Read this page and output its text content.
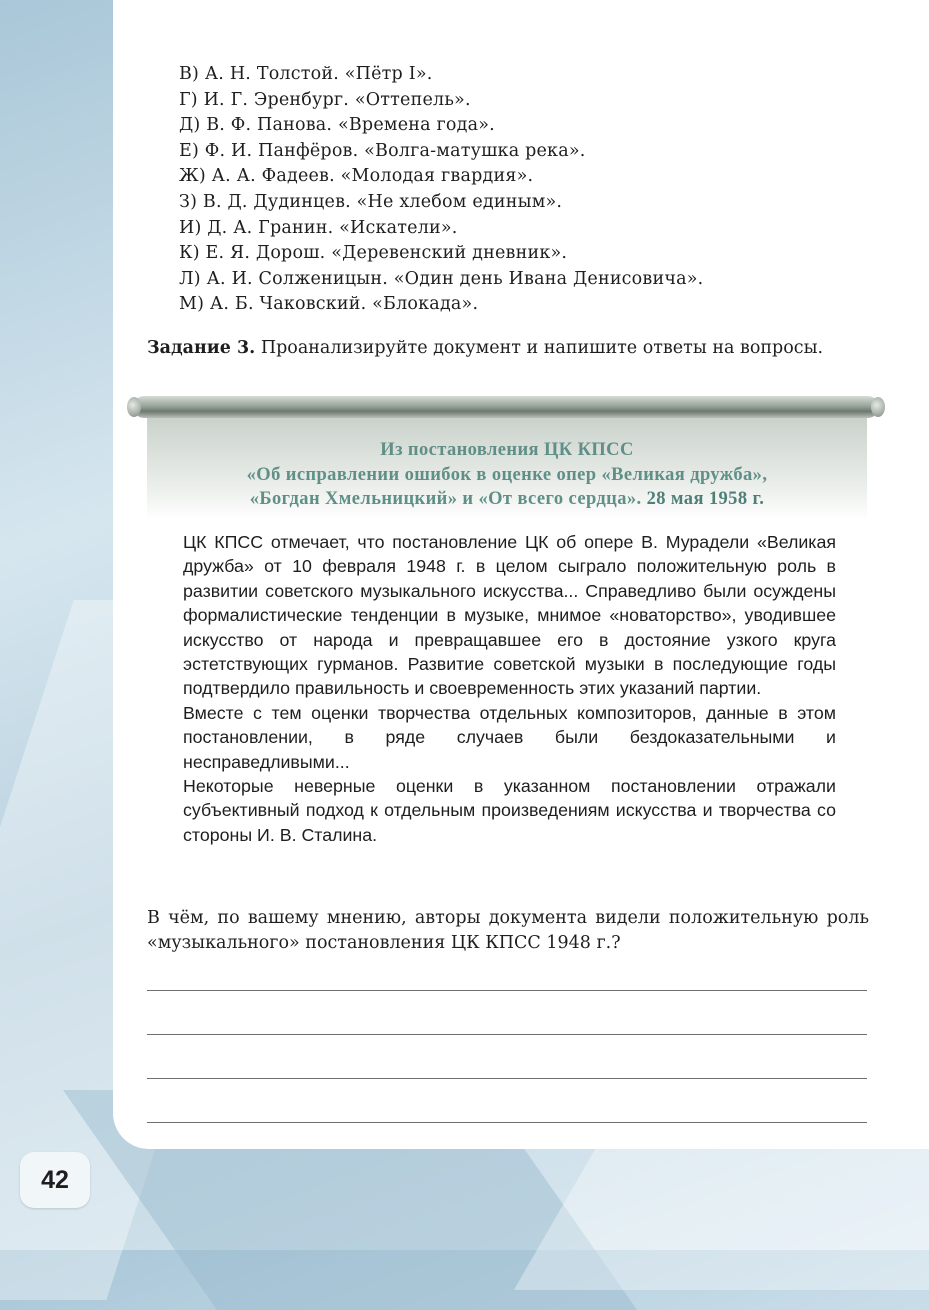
В) А. Н. Толстой. «Пётр I».
Г) И. Г. Эренбург. «Оттепель».
Д) В. Ф. Панова. «Времена года».
Е) Ф. И. Панфёров. «Волга-матушка река».
Ж) А. А. Фадеев. «Молодая гвардия».
З) В. Д. Дудинцев. «Не хлебом единым».
И) Д. А. Гранин. «Искатели».
К) Е. Я. Дорош. «Деревенский дневник».
Л) А. И. Солженицын. «Один день Ивана Денисовича».
М) А. Б. Чаковский. «Блокада».
Задание 3. Проанализируйте документ и напишите ответы на вопросы.
Из постановления ЦК КПСС
«Об исправлении ошибок в оценке опер «Великая дружба»,
«Богдан Хмельницкий» и «От всего сердца». 28 мая 1958 г.

ЦК КПСС отмечает, что постановление ЦК об опере В. Мурадели «Великая дружба» от 10 февраля 1948 г. в целом сыграло положительную роль в развитии советского музыкального искусства... Справедливо были осуждены формалистические тенденции в музыке, мнимое «новаторство», уводившее искусство от народа и превращавшее его в достояние узкого круга эстетствующих гурманов. Развитие советской музыки в последующие годы подтвердило правильность и своевременность этих указаний партии.

Вместе с тем оценки творчества отдельных композиторов, данные в этом постановлении, в ряде случаев были бездоказательными и несправедливыми...

Некоторые неверные оценки в указанном постановлении отражали субъективный подход к отдельным произведениям искусства и творчества со стороны И. В. Сталина.

В чём, по вашему мнению, авторы документа видели положительную роль «музыкального» постановления ЦК КПСС 1948 г.?
42
